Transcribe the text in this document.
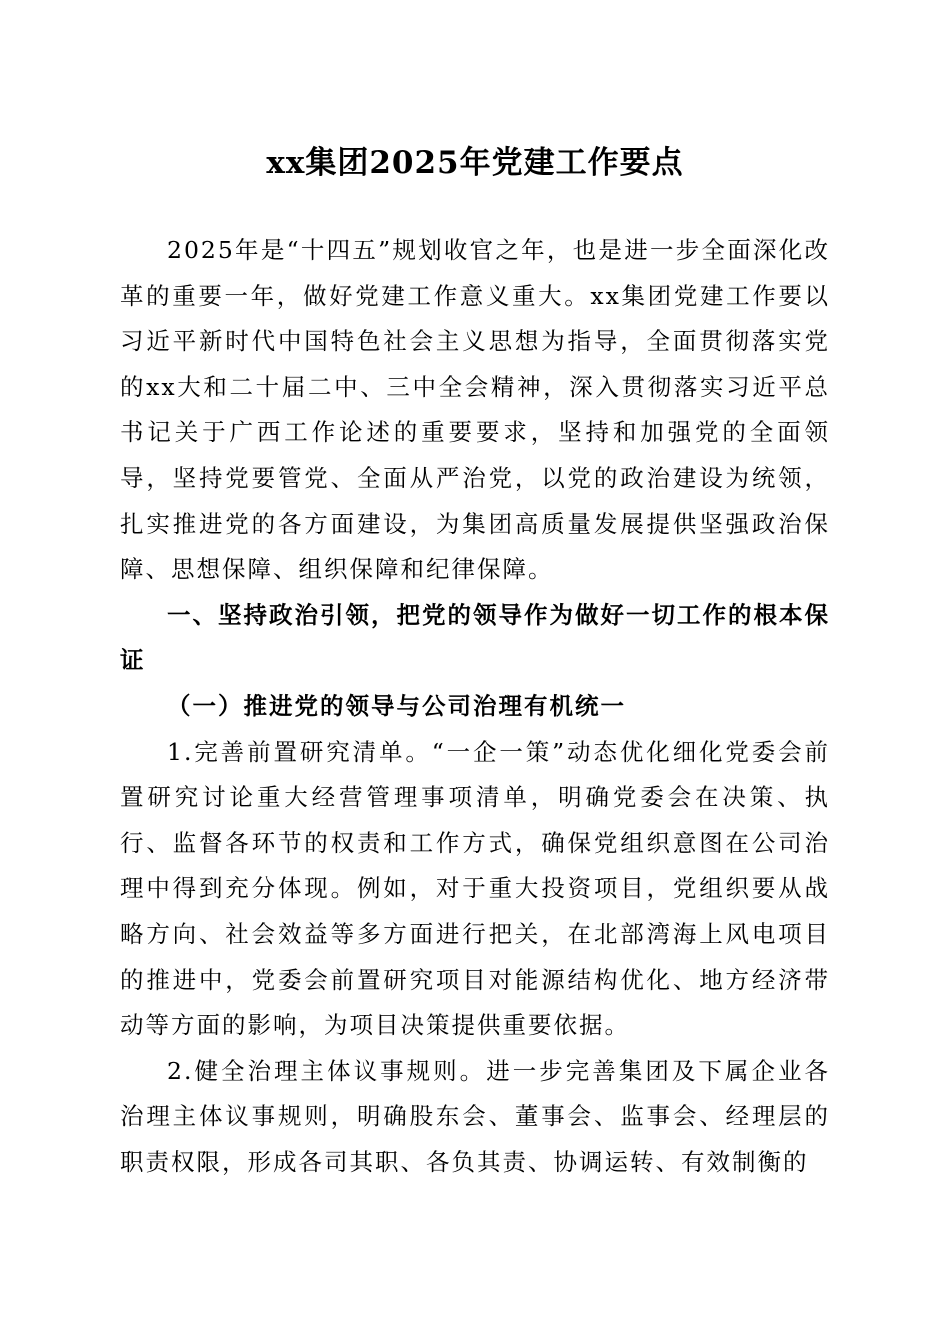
xx集团2025年党建工作要点

2025年是“十四五”规划收官之年，也是进一步全面深化改革的重要一年，做好党建工作意义重大。xx集团党建工作要以习近平新时代中国特色社会主义思想为指导，全面贯彻落实党的xx大和二十届二中、三中全会精神，深入贯彻落实习近平总书记关于广西工作论述的重要要求，坚持和加强党的全面领导，坚持党要管党、全面从严治党，以党的政治建设为统领，扎实推进党的各方面建设，为集团高质量发展提供坚强政治保障、思想保障、组织保障和纪律保障。

一、坚持政治引领，把党的领导作为做好一切工作的根本保证

（一）推进党的领导与公司治理有机统一

1.完善前置研究清单。“一企一策”动态优化细化党委会前置研究讨论重大经营管理事项清单，明确党委会在决策、执行、监督各环节的权责和工作方式，确保党组织意图在公司治理中得到充分体现。例如，对于重大投资项目，党组织要从战略方向、社会效益等多方面进行把关，在北部湾海上风电项目的推进中，党委会前置研究项目对能源结构优化、地方经济带动等方面的影响，为项目决策提供重要依据。

2.健全治理主体议事规则。进一步完善集团及下属企业各治理主体议事规则，明确股东会、董事会、监事会、经理层的职责权限，形成各司其职、各负其责、协调运转、有效制衡的
